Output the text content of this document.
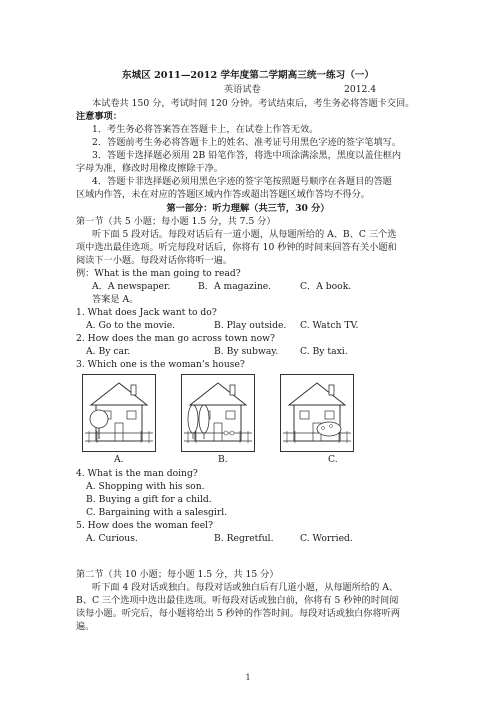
东城区 2011—2012 学年度第二学期高三统一练习（一）
英语试卷	2012.4
本试卷共 150 分，考试时间 120 分钟。考试结束后，考生务必将答题卡交回。
注意事项：
1．考生务必将答案答在答题卡上，在试卷上作答无效。
2．答题前考生务必将答题卡上的姓名、准考证号用黑色字迹的签字笔填写。
3．答题卡选择题必须用 2B 铅笔作答，将选中项涂满涂黑，黑度以盖住框内
字母为准，修改时用橡皮擦除干净。
4．答题卡非选择题必须用黑色字迹的签字笔按照题号顺序在各题目的答题
区域内作答，未在对应的答题区域内作答或超出答题区域作答均不得分。
第一部分：听力理解（共三节，30 分）
第一节（共 5 小题；每小题 1.5 分，共 7.5 分）
听下面 5 段对话。每段对话后有一道小题，从每题所给的 A、B、C 三个选
项中选出最佳选项。听完每段对话后，你将有 10 秒钟的时间来回答有关小题和
阅读下一小题。每段对话你将听一遍。
例：What is the man going to read?
A．A newspaper.	B．A magazine.	C．A book.
答案是 A。
1. What does Jack want to do?
A. Go to the movie.	B. Play outside. C. Watch TV.
2. How does the man go across town now?
A. By car.	B. By subway. C. By taxi.
3. Which one is the woman’s house?
A.	B.	C.
4. What is the man doing?
A. Shopping with his son.
B. Buying a gift for a child.
C. Bargaining with a salesgirl.
5. How does the woman feel?
A. Curious.	B. Regretful.	C. Worried.
第二节（共 10 小题；每小题 1.5 分，共 15 分）
听下面 4 段对话或独白。每段对话或独白后有几道小题，从每题所给的 A、
B、C 三个选项中选出最佳选项。听每段对话或独白前，你将有 5 秒钟的时间阅
读每小题。听完后，每小题将给出 5 秒钟的作答时间。每段对话或独白你将听两
遍。
1
